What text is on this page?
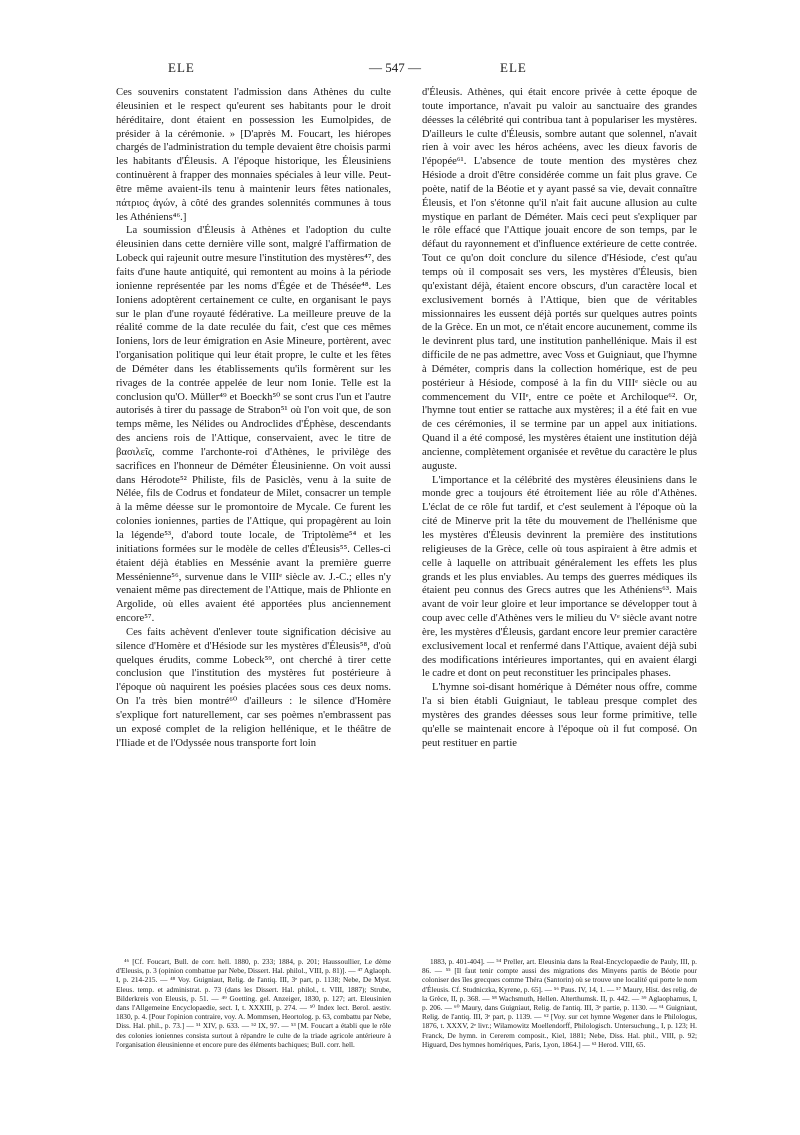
ELE	— 547 —	ELE

Ces souvenirs constatent l'admission dans Athènes du culte éleusinien et le respect qu'eurent ses habitants pour le droit héréditaire, dont étaient en possession les Eumolpides, de présider à la cérémonie. » [D'après M. Foucart, les hiéropes chargés de l'administration du temple devaient être choisis parmi les habitants d'Éleusis. A l'époque historique, les Éleusiniens continuèrent à frapper des monnaies spéciales à leur ville. Peut-être même avaient-ils tenu à maintenir leurs fêtes nationales, πάτριος ἀγών, à côté des grandes solennités communes à tous les Athéniens⁴⁶.]

La soumission d'Éleusis à Athènes et l'adoption du culte éleusinien dans cette dernière ville sont, malgré l'affirmation de Lobeck qui rajeunit outre mesure l'institution des mystères⁴⁷, des faits d'une haute antiquité, qui remontent au moins à la période ionienne représentée par les noms d'Égée et de Thésée⁴⁸. Les Ioniens adoptèrent certainement ce culte, en organisant le pays sur le plan d'une royauté fédérative. La meilleure preuve de la réalité comme de la date reculée du fait, c'est que ces mêmes Ioniens, lors de leur émigration en Asie Mineure, portèrent, avec l'organisation politique qui leur était propre, le culte et les fêtes de Déméter dans les établissements qu'ils formèrent sur les rivages de la contrée appelée de leur nom Ionie. Telle est la conclusion qu'O. Müller⁴⁹ et Boeckh⁵⁰ se sont crus l'un et l'autre autorisés à tirer du passage de Strabon⁵¹ où l'on voit que, de son temps même, les Nélides ou Androclides d'Éphèse, descendants des anciens rois de l'Attique, conservaient, avec le titre de βασιλεῖς, comme l'archonte-roi d'Athènes, le privilège des sacrifices en l'honneur de Déméter Éleusinienne. On voit aussi dans Hérodote⁵² Philiste, fils de Pasiclès, venu à la suite de Nélée, fils de Codrus et fondateur de Milet, consacrer un temple à la même déesse sur le promontoire de Mycale. Ce furent les colonies ioniennes, parties de l'Attique, qui propagèrent au loin la légende⁵³, d'abord toute locale, de Triptolème⁵⁴ et les initiations formées sur le modèle de celles d'Éleusis⁵⁵. Celles-ci étaient déjà établies en Messénie avant la première guerre Messénienne⁵⁶, survenue dans le VIIIᵉ siècle av. J.-C.; elles n'y venaient même pas directement de l'Attique, mais de Phlionte en Argolide, où elles avaient été apportées plus anciennement encore⁵⁷.

Ces faits achèvent d'enlever toute signification décisive au silence d'Homère et d'Hésiode sur les mystères d'Éleusis⁵⁸, d'où quelques érudits, comme Lobeck⁵⁹, ont cherché à tirer cette conclusion que l'institution des mystères fut postérieure à l'époque où naquirent les poésies placées sous ces deux noms. On l'a très bien montré⁶⁰ d'ailleurs : le silence d'Homère s'explique fort naturellement, car ses poèmes n'embrassent pas un exposé complet de la religion hellénique, et le théâtre de l'Iliade et de l'Odyssée nous transporte fort loin

d'Éleusis. Athènes, qui était encore privée à cette époque de toute importance, n'avait pu valoir au sanctuaire des grandes déesses la célébrité qui contribua tant à populariser les mystères. D'ailleurs le culte d'Éleusis, sombre autant que solennel, n'avait rien à voir avec les héros achéens, avec les dieux favoris de l'épopée⁶¹. L'absence de toute mention des mystères chez Hésiode a droit d'être considérée comme un fait plus grave. Ce poète, natif de la Béotie et y ayant passé sa vie, devait connaître Éleusis, et l'on s'étonne qu'il n'ait fait aucune allusion au culte mystique en parlant de Déméter. Mais ceci peut s'expliquer par le rôle effacé que l'Attique jouait encore de son temps, par le défaut du rayonnement et d'influence extérieure de cette contrée. Tout ce qu'on doit conclure du silence d'Hésiode, c'est qu'au temps où il composait ses vers, les mystères d'Éleusis, bien qu'existant déjà, étaient encore obscurs, d'un caractère local et exclusivement bornés à l'Attique, bien que de véritables missionnaires les eussent déjà portés sur quelques autres points de la Grèce. En un mot, ce n'était encore aucunement, comme ils le devinrent plus tard, une institution panhellénique. Mais il est difficile de ne pas admettre, avec Voss et Guigniaut, que l'hymne à Déméter, compris dans la collection homérique, est de peu postérieur à Hésiode, composé à la fin du VIIIᵉ siècle ou au commencement du VIIᵉ, entre ce poète et Archiloque⁶². Or, l'hymne tout entier se rattache aux mystères; il a été fait en vue de ces cérémonies, il se termine par un appel aux initiations. Quand il a été composé, les mystères étaient une institution déjà ancienne, complètement organisée et revêtue du caractère le plus auguste.

L'importance et la célébrité des mystères éleusiniens dans le monde grec a toujours été étroitement liée au rôle d'Athènes. L'éclat de ce rôle fut tardif, et c'est seulement à l'époque où la cité de Minerve prit la tête du mouvement de l'hellénisme que les mystères d'Éleusis devinrent la première des institutions religieuses de la Grèce, celle où tous aspiraient à être admis et celle à laquelle on attribuait généralement les effets les plus grands et les plus enviables. Au temps des guerres médiques ils étaient peu connus des Grecs autres que les Athéniens⁶³. Mais avant de voir leur gloire et leur importance se développer tout à coup avec celle d'Athènes vers le milieu du Vᵉ siècle avant notre ère, les mystères d'Éleusis, gardant encore leur premier caractère exclusivement local et renfermé dans l'Attique, avaient déjà subi des modifications intérieures importantes, qui en avaient élargi le cadre et dont on peut reconstituer les principales phases.

L'hymne soi-disant homérique à Déméter nous offre, comme l'a si bien établi Guigniaut, le tableau presque complet des mystères des grandes déesses sous leur forme primitive, telle qu'elle se maintenait encore à l'époque où il fut composé. On peut restituer en partie

⁴⁶ [Cf. Foucart, Bull. de corr. hell. 1880, p. 233; 1884, p. 201; Haussoullier, Le dème d'Eleusis, p. 3 (opinion combattue par Nebe, Dissert. Hal. philol., VIII, p. 81)]. — ⁴⁷ Aglaoph. I, p. 214-215. — ⁴⁸ Voy. Guigniaut, Relig. de l'antiq. III, 3ᵉ part, p. 1138; Nebe, De Myst. Eleus. temp. et administrat. p. 73 (dans les Dissert. Hal. philol., t. VIII, 1887); Strube, Bilderkreis von Eleusis, p. 51. — ⁴⁹ Goetting. gel. Anzeiger, 1830, p. 127; art. Eleusinien dans l'Allgemeine Encyclopaedie, sect. I, t. XXXIII, p. 274. — ⁵⁰ Index lect. Berol. aestiv. 1830, p. 4. [Pour l'opinion contraire, voy. A. Mommsen, Heortolog. p. 63, combattu par Nebe, Diss. Hal. phil., p. 73.] — ⁵¹ XIV, p. 633. — ⁵² IX, 97. — ⁵³ [M. Foucart a établi que le rôle des colonies ioniennes consista surtout à répandre le culte de la triade agricole antérieure à l'organisation éleusinienne et encore pure des éléments bachiques; Bull. corr. hell.

1883, p. 401-404]. — ⁵⁴ Preller, art. Eleusinia dans la Real-Encyclopaedie de Pauly, III, p. 86. — ⁵⁵ [Il faut tenir compte aussi des migrations des Minyens partis de Béotie pour coloniser des îles grecques comme Théra (Santorin) où se trouve une localité qui porte le nom d'Éleusis. Cf. Studniczka, Kyrene, p. 65]. — ⁵⁶ Paus. IV, 14, 1. — ⁵⁷ Maury, Hist. des relig. de la Grèce, II, p. 368. — ⁵⁸ Wachsmuth, Hellen. Alterthumsk. II, p. 442. — ⁵⁹ Aglaophamus, I, p. 206. — ⁶⁰ Maury, dans Guigniaut, Relig. de l'antiq. III, 3ᵉ partie, p. 1130. — ⁶¹ Guigniaut, Relig. de l'antiq. III, 3ᵉ part, p. 1139. — ⁶² [Voy. sur cet hymne Wegener dans le Philologus, 1876, t. XXXV, 2ᵉ livr.; Wilamowitz Moellendorff, Philologisch. Untersuchung., I, p. 123; H. Franck, De hymn. in Cererem composit., Kiel, 1881; Nebe, Diss. Hal. phil., VIII, p. 92; Higuard, Des hymnes homériques, Paris, Lyon, 1864.] — ⁶³ Herod. VIII, 65.
